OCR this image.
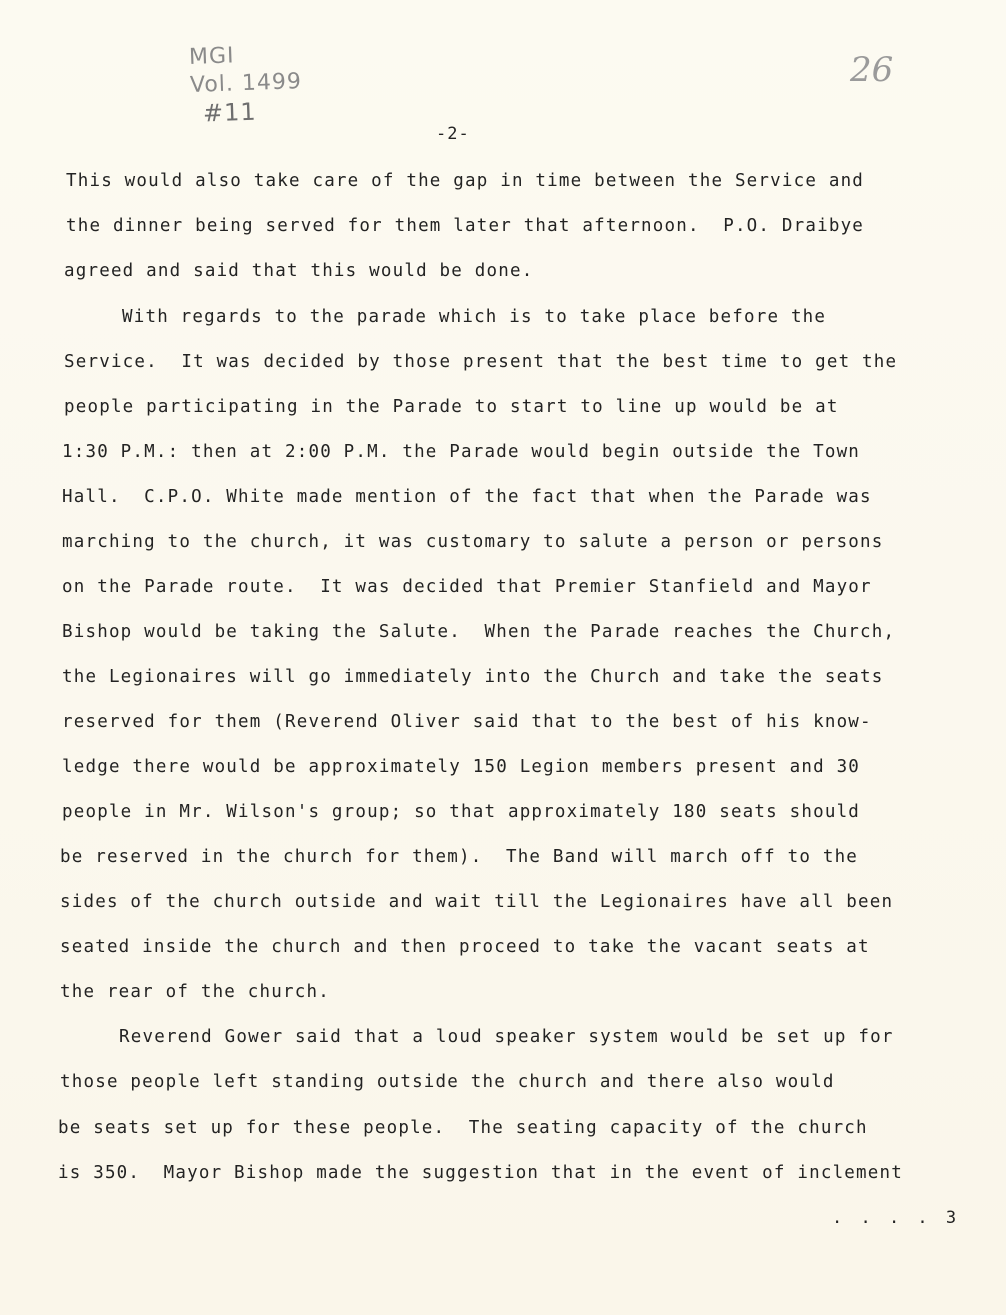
MGI
Vol. 1499
#11
26
-2-
This would also take care of the gap in time between the Service and
the dinner being served for them later that afternoon.  P.O. Draibye
agreed and said that this would be done.
With regards to the parade which is to take place before the
Service.  It was decided by those present that the best time to get the
people participating in the Parade to start to line up would be at
1:30 P.M.: then at 2:00 P.M. the Parade would begin outside the Town
Hall.  C.P.O. White made mention of the fact that when the Parade was
marching to the church, it was customary to salute a person or persons
on the Parade route.  It was decided that Premier Stanfield and Mayor
Bishop would be taking the Salute.  When the Parade reaches the Church,
the Legionaires will go immediately into the Church and take the seats
reserved for them (Reverend Oliver said that to the best of his know-
ledge there would be approximately 150 Legion members present and 30
people in Mr. Wilson's group; so that approximately 180 seats should
be reserved in the church for them).  The Band will march off to the
sides of the church outside and wait till the Legionaires have all been
seated inside the church and then proceed to take the vacant seats at
the rear of the church.
Reverend Gower said that a loud speaker system would be set up for
those people left standing outside the church and there also would
be seats set up for these people.  The seating capacity of the church
is 350.  Mayor Bishop made the suggestion that in the event of inclement
. . . . 3
